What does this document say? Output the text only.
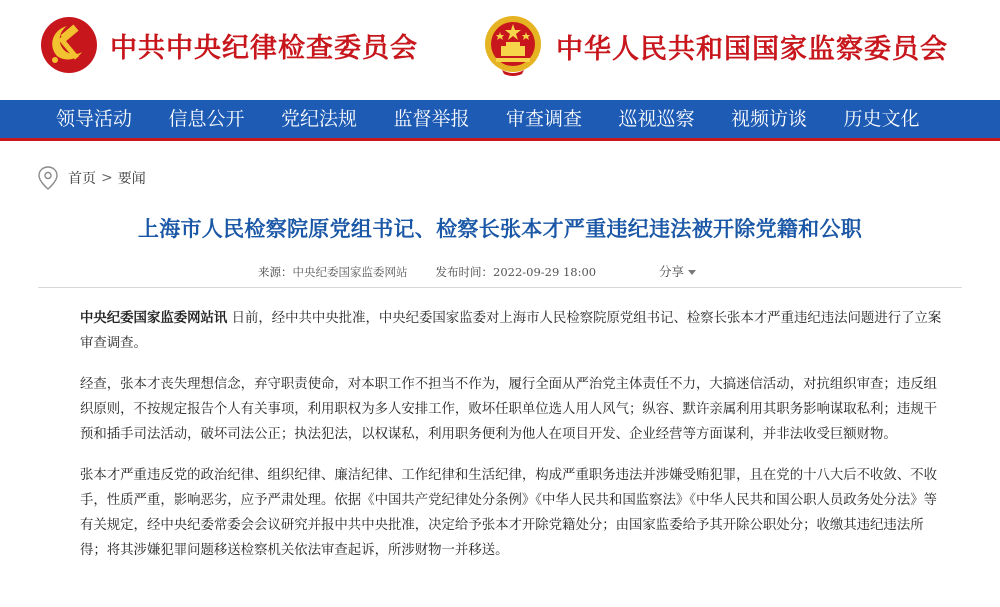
中共中央纪律检查委员会	中华人民共和国国家监察委员会
领导活动	信息公开	党纪法规	监督举报	审查调查	巡视巡察	视频访谈	历史文化
首页 > 要闻
上海市人民检察院原党组书记、检察长张本才严重违纪违法被开除党籍和公职
来源： 中央纪委国家监委网站 发布时间： 2022-09-29 18:00	分享

中央纪委国家监委网站讯 日前，经中共中央批准，中央纪委国家监委对上海市人民检察院原党组书记、检察长张本才严重违纪违法问题进行了立案审查调查。

经查，张本才丧失理想信念，弃守职责使命，对本职工作不担当不作为，履行全面从严治党主体责任不力，大搞迷信活动，对抗组织审查；违反组织原则，不按规定报告个人有关事项，利用职权为多人安排工作，败坏任职单位选人用人风气；纵容、默许亲属利用其职务影响谋取私利；违规干预和插手司法活动，破坏司法公正；执法犯法，以权谋私，利用职务便利为他人在项目开发、企业经营等方面谋利，并非法收受巨额财物。

张本才严重违反党的政治纪律、组织纪律、廉洁纪律、工作纪律和生活纪律，构成严重职务违法并涉嫌受贿犯罪，且在党的十八大后不收敛、不收手，性质严重，影响恶劣，应予严肃处理。依据《中国共产党纪律处分条例》《中华人民共和国监察法》《中华人民共和国公职人员政务处分法》等有关规定，经中央纪委常委会会议研究并报中共中央批准，决定给予张本才开除党籍处分；由国家监委给予其开除公职处分；收缴其违纪违法所得；将其涉嫌犯罪问题移送检察机关依法审查起诉，所涉财物一并移送。
